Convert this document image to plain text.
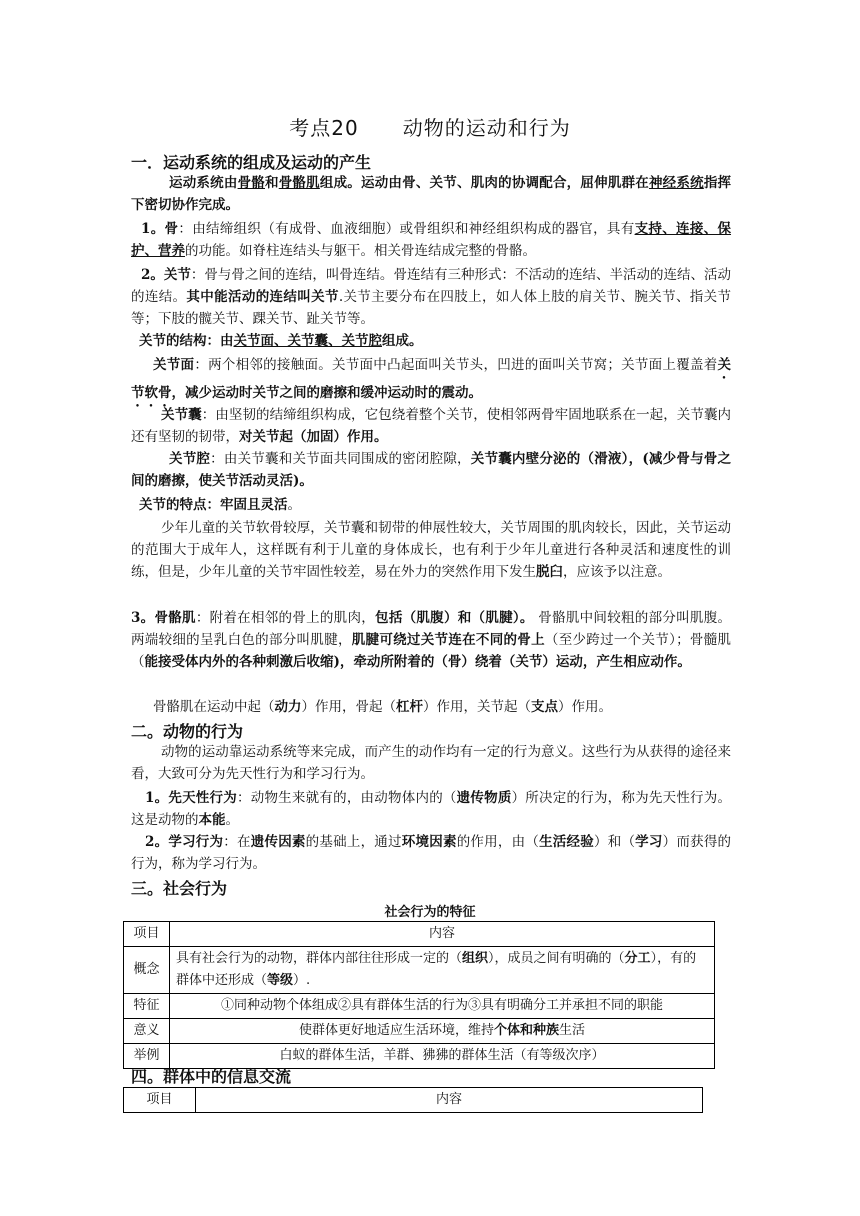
考点20 动物的运动和行为
一．运动系统的组成及运动的产生
运动系统由骨骼和骨骼肌组成。运动由骨、关节、肌肉的协调配合，屈伸肌群在神经系统指挥下密切协作完成。
1。骨：由结缔组织（有成骨、血液细胞）或骨组织和神经组织构成的器官，具有支持、连接、保护、营养的功能。如脊柱连结头与躯干。相关骨连结成完整的骨骼。
2。关节：骨与骨之间的连结，叫骨连结。骨连结有三种形式：不活动的连结、半活动的连结、活动的连结。其中能活动的连结叫关节.关节主要分布在四肢上，如人体上肢的肩关节、腕关节、指关节等；下肢的髋关节、踝关节、趾关节等。
关节的结构：由关节面、关节囊、关节腔组成。
关节面：两个相邻的接触面。关节面中凸起面叫关节头，凹进的面叫关节窝；关节面上覆盖着关节软骨，减少运动时关节之间的磨擦和缓冲运动时的震动。
关节囊：由坚韧的结缔组织构成，它包绕着整个关节，使相邻两骨牢固地联系在一起，关节囊内还有坚韧的韧带，对关节起（加固）作用。
关节腔：由关节囊和关节面共同围成的密闭腔隙，关节囊内壁分泌的（滑液），(减少骨与骨之间的磨擦，使关节活动灵活)。
关节的特点：牢固且灵活。
少年儿童的关节软骨较厚，关节囊和韧带的伸展性较大，关节周围的肌肉较长，因此，关节运动的范围大于成年人，这样既有利于儿童的身体成长，也有利于少年儿童进行各种灵活和速度性的训练，但是，少年儿童的关节牢固性较差，易在外力的突然作用下发生脱臼，应该予以注意。
3。骨骼肌：附着在相邻的骨上的肌肉，包括（肌腹）和（肌腱）。 骨骼肌中间较粗的部分叫肌腹。两端较细的呈乳白色的部分叫肌腱，肌腱可绕过关节连在不同的骨上（至少跨过一个关节）；骨髓肌（能接受体内外的各种刺激后收缩)，牵动所附着的（骨）绕着（关节）运动，产生相应动作。
骨骼肌在运动中起（动力）作用，骨起（杠杆）作用，关节起（支点）作用。
二。动物的行为
动物的运动靠运动系统等来完成，而产生的动作均有一定的行为意义。这些行为从获得的途径来看，大致可分为先天性行为和学习行为。
1。先天性行为：动物生来就有的，由动物体内的（遗传物质）所决定的行为，称为先天性行为。这是动物的本能。
2。学习行为：在遗传因素的基础上，通过环境因素的作用，由（生活经验）和（学习）而获得的行为，称为学习行为。
三。社会行为
社会行为的特征
项目	内容
概念	具有社会行为的动物，群体内部往往形成一定的（组织），成员之间有明确的（分工），有的群体中还形成（等级）.
特征	①同种动物个体组成②具有群体生活的行为③具有明确分工并承担不同的职能
意义	使群体更好地适应生活环境，维持个体和种族生活
举例	白蚁的群体生活，羊群、狒狒的群体生活（有等级次序）
四。群体中的信息交流
项目	内容
